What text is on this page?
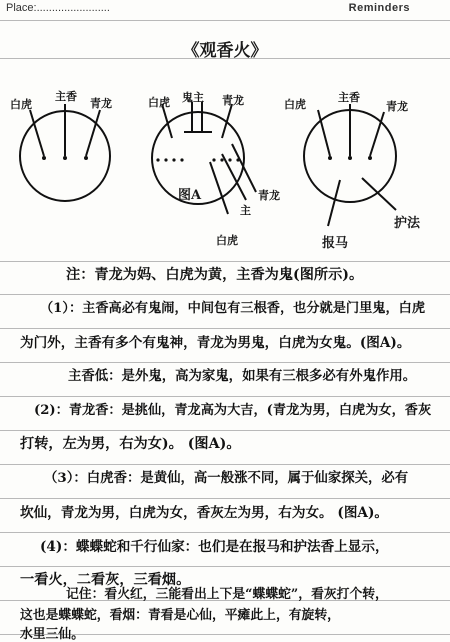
Place:........................	Reminders
《观香火》
白虎
主香
青龙	白虎 鬼主 青龙
图A	青龙
主
白虎
白虎
主香
青龙
护法
报马
注：青龙为妈、白虎为黄，主香为鬼(图所示)。
（1）：主香高必有鬼闹，中间包有三根香，也分就是门里鬼，白虎
为门外，主香有多个有鬼神，青龙为男鬼，白虎为女鬼。(图A)。
主香低：是外鬼，高为家鬼，如果有三根多必有外鬼作用。
(2)：青龙香：是挑仙，青龙高为大吉，(青龙为男，白虎为女，香灰
打转，左为男，右为女)。 (图A)。
（3）：白虎香：是黄仙，高一般涨不同，属于仙家探关，必有
坎仙，青龙为男，白虎为女，香灰左为男，右为女。 (图A)。
(4)：蝶蝶蛇和千行仙家：也们是在报马和护法香上显示，
一看火，二看灰，三看烟。
记住：看火红，三能看出上下是“蝶蝶蛇”，看灰打个转，
这也是蝶蝶蛇，看烟：青看是心仙，平瘫此上，有旋转，
水里三仙。
